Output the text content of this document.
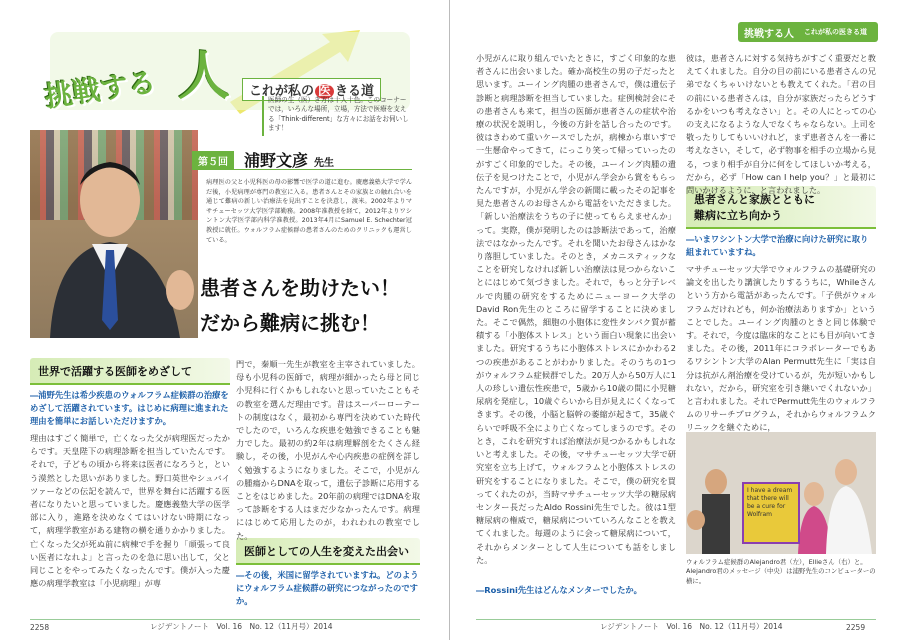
挑戦する 人	これが私の 医 きる道
医師の生（医）き方は十人十色。このコーナーでは，いろんな場所，立場，方法で医療を支える「Think-different」な方々にお話をお伺いします！
第５回	浦野文彦 先生
病理医の父と小児科医の母の影響で医学の道に進む。慶應義塾大学で学んだ後，小児病理が専門の教室に入る。患者さんとその家族との触れ合いを通じて難病の新しい治療法を見出すことを決意し，渡米。2002年よりマサチューセッツ大学医学部勤務。2008年准教授を経て，2012年よりワシントン大学医学部内科学准教授。2013年4月にSamuel E. Schechter冠教授に就任。ウォルフラム症候群の患者さんのためのクリニックも運営している。
患者さんを助けたい！
だから難病に挑む！
世界で活躍する医師をめざして
―浦野先生は希少疾患のウォルフラム症候群の治療をめざして活躍されています。はじめに病理に進まれた理由を簡単にお話しいただけますか。
理由はすごく簡単で，亡くなった父が病理医だったからです。天皇陛下の病理診断を担当していたんです。それで，子どもの頃から将来は医者になろうと，という漠然とした思いがありました。野口英世やシュバイツァーなどの伝記を読んで，世界を舞台に活躍する医者になりたいと思っていました。慶應義塾大学の医学部に入り，進路を決めなくてはいけない時期になって，病理学教室がある建物の横を通りかかりました。亡くなった父が死ぬ前に病棟で手を握り「頑張って良い医者になれよ」と言ったのを急に思い出して，父と同じことをやってみたくなったんです。僕が入った慶應の病理学教室は「小児病理」が専
門で，秦順一先生が教室を主宰されていました。母も小児科の医師で，病理が細かったら母と同じ小児科に行くかもしれないと思っていたこともその教室を選んだ理由です。昔はスーパーローテートの制度はなく，最初から専門を決めていた時代でしたので，いろんな疾患を勉強できることも魅力でした。最初の約2年は病理解剖をたくさん経験し，その後，小児がんや心内疾患の症例を詳しく勉強するようになりました。そこで，小児がんの腫瘍からDNAを取って，遺伝子診断に応用することをはじめました。20年前の病理ではDNAを取って診断をする人はまだ少なかったんです。病理にはじめて応用したのが，われわれの教室でした。
医師としての人生を変えた出会い
―その後，米国に留学されていますね。どのようにウォルフラム症候群の研究につながったのですか。
2258	レジデントノート　Vol. 16　No. 12（11月号）2014
挑戦する人 これが私の医きる道
小児がんに取り組んでいたときに，すごく印象的な患者さんに出会いました。確か高校生の男の子だったと思います。ユーイング肉腫の患者さんで，僕は遺伝子診断と病理診断を担当していました。症例検討会にその患者さんも来て，担当の医師が患者さんの症状や治療の状況を説明し，今後の方針を話し合ったのです。彼はきわめて重いケースでしたが，病棟から車いすで一生懸命やってきて，にっこり笑って帰っていったのがすごく印象的でした。その後，ユーイング肉腫の遺伝子を見つけたことで，小児がん学会から賞をもらったんですが，小児がん学会の新聞に載ったその記事を見た患者さんのお母さんから電話をいただきました。「新しい治療法をうちの子に使ってもらえませんか」って。実際，僕が発明したのは診断法であって，治療法ではなかったんです。それを聞いたお母さんはかなり落胆していました。そのとき，メカニスティックなことを研究しなければ新しい治療法は見つからないことにはじめて気づきました。それで，もっと分子レベルで肉腫の研究をするためにニューヨーク大学のDavid Ron先生のところに留学することに決めました。そこで偶然，細胞の小胞体に変性タンパク質が蓄積する「小胞体ストレス」という面白い現象に出会いました。研究するうちに小胞体ストレスにかかわる2つの疾患があることがわかりました。そのうちの1つがウォルフラム症候群でした。20万人から50万人に1人の珍しい遺伝性疾患で，5歳から10歳の間に小児糖尿病を発症し，10歳ぐらいから目が見えにくくなってきます。その後，小脳と脳幹の萎縮が起きて，35歳ぐらいで呼吸不全により亡くなってしまうのです。そのとき，これを研究すれば治療法が見つかるかもしれないと考えました。その後，マサチューセッツ大学で研究室を立ち上げて，ウォルフラムと小胞体ストレスの研究をすることになりました。そこで，僕の研究を買ってくれたのが，当時マサチューセッツ大学の糖尿病センター長だったAldo Rossini先生でした。彼は1型糖尿病の権威で，糖尿病についていろんなことを教えてくれました。毎週のように会って糖尿病について，それからメンターとして人生についても話をしました。
―Rossini先生はどんなメンターでしたか。
彼は，患者さんに対する気持ちがすごく重要だと教えてくれました。自分の目の前にいる患者さんの兄弟でなくちゃいけないとも教えてくれた。「君の目の前にいる患者さんは，自分が家族だったらどうするかをいつも考えなさい」と。その人にとっての心の支えになるような人でなくちゃならない。上司を敬ったりしてもいいけれど，まず患者さんを一番に考えなさい，そして，必ず物事を相手の立場から見る，つまり相手が自分に何をしてほしいか考える，だから，必ず「How can I help you？」と最初に問いかけるように，と言われました。
患者さんと家族とともに
難病に立ち向かう
―いまワシントン大学で治療に向けた研究に取り組まれていますね。
マサチューセッツ大学でウォルフラムの基礎研究の論文を出したり講演したりするうちに，Whileさんという方から電話があったんです。「子供がウォルフラムだけれども，何か治療法ありますか」ということでした。ユーイング肉腫のときと同じ体験です。それで，今度は臨床的なことにも目が向いてきました。その後，2011年にコラボレーターでもあるワシントン大学のAlan Permutt先生に「実は自分は抗がん剤治療を受けているが，先が短いかもしれない，だから，研究室を引き継いでくれないか」と言われました。それでPermutt先生のウォルフラムのリサーチプログラム，それからウォルフラムクリニックを継ぐために，
I have a dream that there will be a cure for Wolfram
ウォルフラム症候群のAlejandro君（左），Ellieさん（右）と。Alejandro君のメッセージ（中央）は浦野先生のコンピューターの横に。
レジデントノート　Vol. 16　No. 12（11月号）2014	2259
